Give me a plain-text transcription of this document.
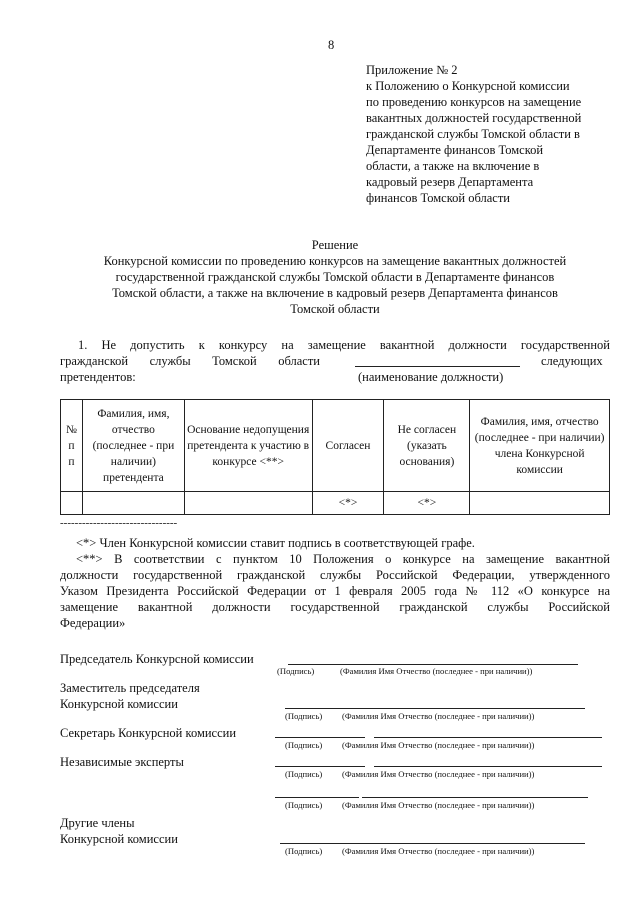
8
Приложение № 2
к Положению о Конкурсной комиссии
по проведению конкурсов на замещение
вакантных должностей государственной
гражданской службы Томской области в
Департаменте финансов Томской
области, а также на включение в
кадровый резерв Департамента
финансов Томской области
Решение
Конкурсной комиссии по проведению конкурсов на замещение вакантных должностей
государственной гражданской службы Томской области в Департаменте финансов
Томской области, а также на включение в кадровый резерв Департамента финансов
Томской области
1. Не допустить к конкурсу на замещение вакантной должности государственной
гражданской службы Томской области	следующих
претендентов:	(наименование должности)
№ п п	Фамилия, имя, отчество (последнее - при наличии) претендента	Основание недопущения претендента к участию в конкурсе <**>	Согласен	Не согласен (указать основания)	Фамилия, имя, отчество (последнее - при наличии) члена Конкурсной комиссии
			<*>	<*>	
--------------------------------
<*> Член Конкурсной комиссии ставит подпись в соответствующей графе.
<**> В соответствии с пунктом 10 Положения о конкурсе на замещение вакантной
должности государственной гражданской службы Российской Федерации, утвержденного
Указом Президента Российской Федерации от 1 февраля 2005 года № 112 «О конкурсе на
замещение вакантной должности государственной гражданской службы Российской
Федерации»
Председатель Конкурсной комиссии
(Подпись)	(Фамилия Имя Отчество (последнее - при наличии))
Заместитель председателя
Конкурсной комиссии
(Подпись) (Фамилия Имя Отчество (последнее - при наличии))
Секретарь Конкурсной комиссии
(Подпись) (Фамилия Имя Отчество (последнее - при наличии))
Независимые эксперты
(Подпись) (Фамилия Имя Отчество (последнее - при наличии))
(Подпись) (Фамилия Имя Отчество (последнее - при наличии))
Другие члены
Конкурсной комиссии
(Подпись) (Фамилия Имя Отчество (последнее - при наличии))
